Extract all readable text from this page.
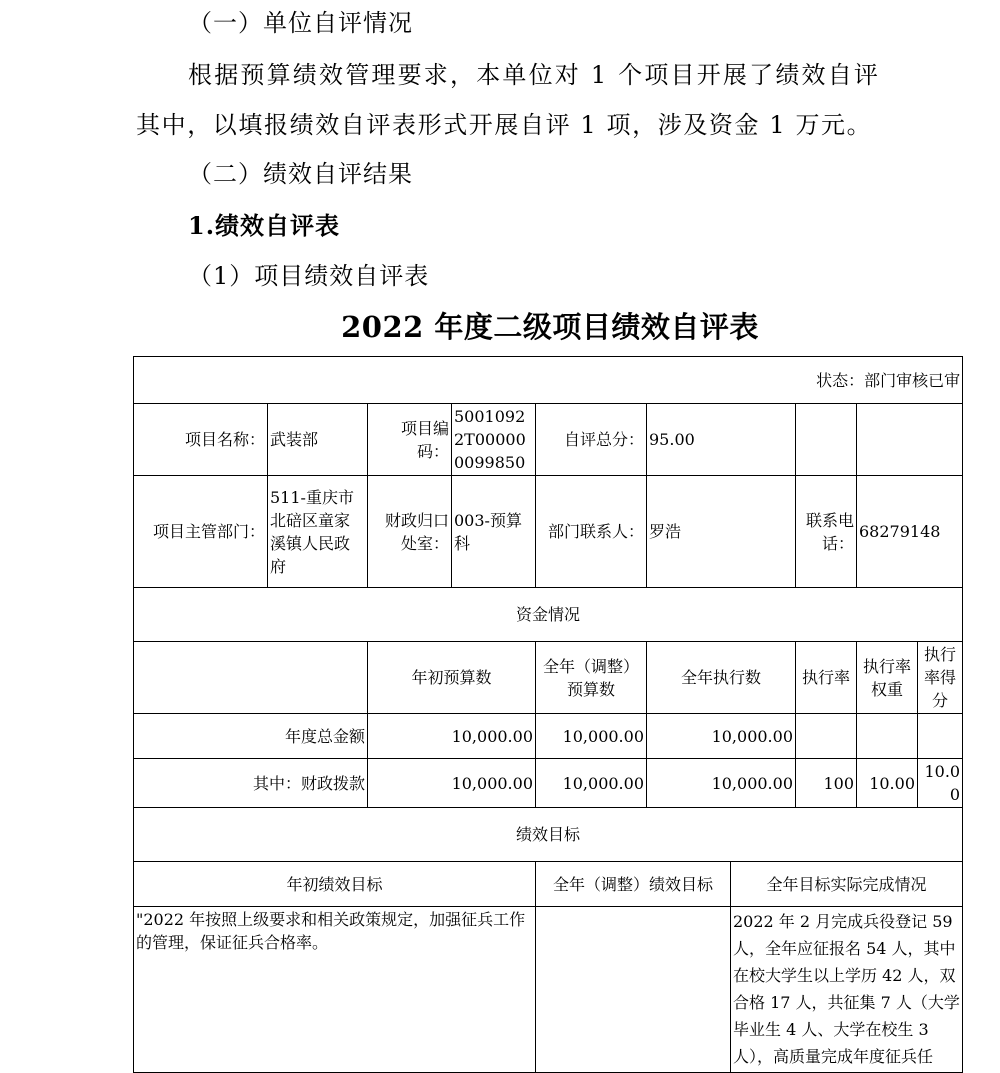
（一）单位自评情况
根据预算绩效管理要求，本单位对 1 个项目开展了绩效自评
其中，以填报绩效自评表形式开展自评 1 项，涉及资金 1 万元。
（二）绩效自评结果
1.绩效自评表
（1）项目绩效自评表
2022 年度二级项目绩效自评表
状态：部门审核已审									
项目名称：	武装部	项目编码：	50010922T000000099850	自评总分：	95.00				
项目主管部门：	511-重庆市北碚区童家溪镇人民政府	财政归口处室：	003-预算科	部门联系人：	罗浩		联系电话：	68279148	
资金情况									
		年初预算数		全年（调整）预算数	全年执行数		执行率	执行率权重	执行率得分
年度总金额		10,000.00		10,000.00	10,000.00				
其中：财政拨款		10,000.00		10,000.00	10,000.00		100	10.00	10.00
绩效目标									
年初绩效目标				全年（调整）绩效目标		全年目标实际完成情况			
"2022 年按照上级要求和相关政策规定，加强征兵工作的管理，保证征兵合格率。						2022 年 2 月完成兵役登记 59 人，全年应征报名 54 人，其中在校大学生以上学历 42 人，双合格 17 人，共征集 7 人（大学毕业生 4 人、大学在校生 3 人），高质量完成年度征兵任			
